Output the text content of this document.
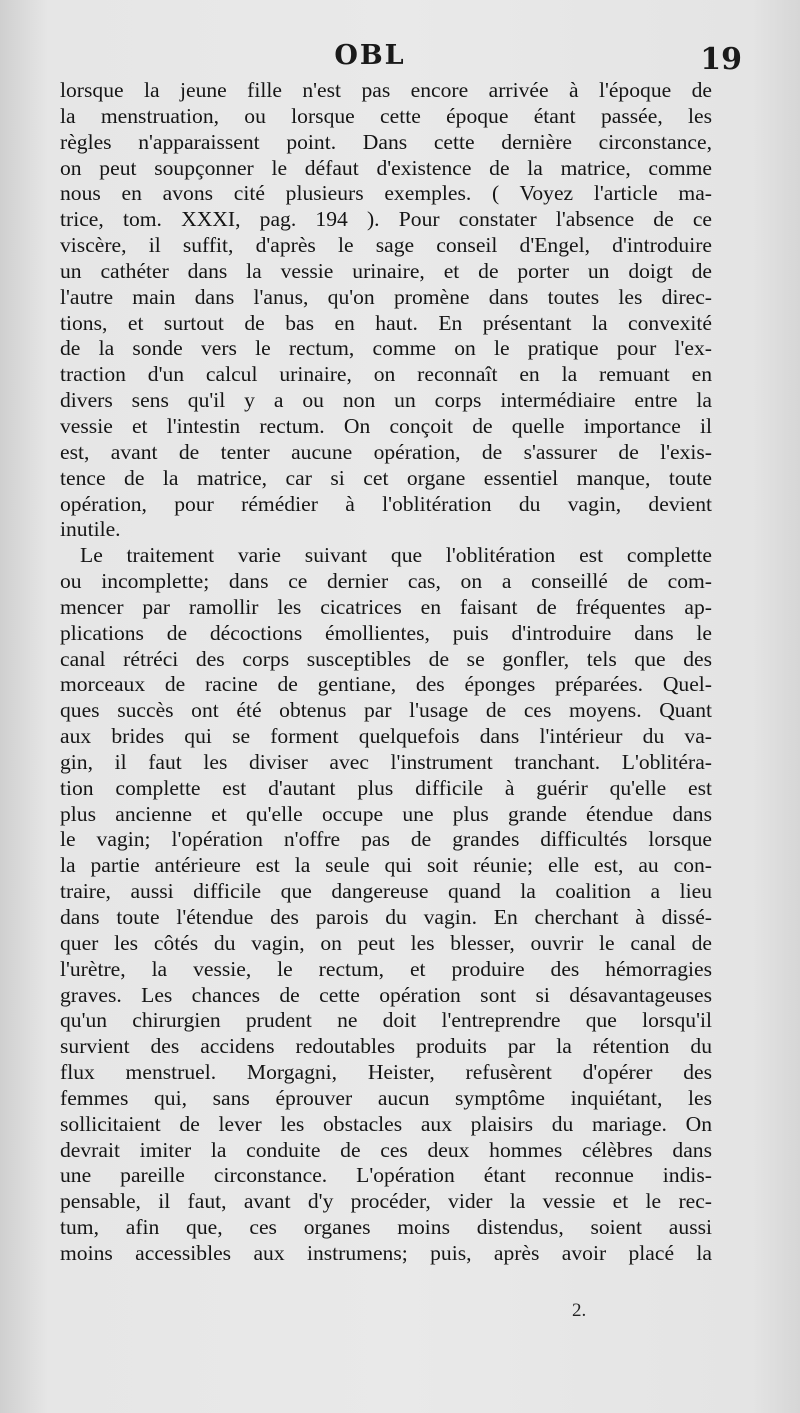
OBL	19
lorsque la jeune fille n'est pas encore arrivée à l'époque de
la menstruation, ou lorsque cette époque étant passée, les
règles n'apparaissent point. Dans cette dernière circonstance,
on peut soupçonner le défaut d'existence de la matrice, comme
nous en avons cité plusieurs exemples. ( Voyez l'article ma-
trice, tom. XXXI, pag. 194 ). Pour constater l'absence de ce
viscère, il suffit, d'après le sage conseil d'Engel, d'introduire
un cathéter dans la vessie urinaire, et de porter un doigt de
l'autre main dans l'anus, qu'on promène dans toutes les direc-
tions, et surtout de bas en haut. En présentant la convexité
de la sonde vers le rectum, comme on le pratique pour l'ex-
traction d'un calcul urinaire, on reconnaît en la remuant en
divers sens qu'il y a ou non un corps intermédiaire entre la
vessie et l'intestin rectum. On conçoit de quelle importance il
est, avant de tenter aucune opération, de s'assurer de l'exis-
tence de la matrice, car si cet organe essentiel manque, toute
opération, pour rémédier à l'oblitération du vagin, devient
inutile.
Le traitement varie suivant que l'oblitération est complette
ou incomplette; dans ce dernier cas, on a conseillé de com-
mencer par ramollir les cicatrices en faisant de fréquentes ap-
plications de décoctions émollientes, puis d'introduire dans le
canal rétréci des corps susceptibles de se gonfler, tels que des
morceaux de racine de gentiane, des éponges préparées. Quel-
ques succès ont été obtenus par l'usage de ces moyens. Quant
aux brides qui se forment quelquefois dans l'intérieur du va-
gin, il faut les diviser avec l'instrument tranchant. L'oblitéra-
tion complette est d'autant plus difficile à guérir qu'elle est
plus ancienne et qu'elle occupe une plus grande étendue dans
le vagin; l'opération n'offre pas de grandes difficultés lorsque
la partie antérieure est la seule qui soit réunie; elle est, au con-
traire, aussi difficile que dangereuse quand la coalition a lieu
dans toute l'étendue des parois du vagin. En cherchant à dissé-
quer les côtés du vagin, on peut les blesser, ouvrir le canal de
l'urètre, la vessie, le rectum, et produire des hémorragies
graves. Les chances de cette opération sont si désavantageuses
qu'un chirurgien prudent ne doit l'entreprendre que lorsqu'il
survient des accidens redoutables produits par la rétention du
flux menstruel. Morgagni, Heister, refusèrent d'opérer des
femmes qui, sans éprouver aucun symptôme inquiétant, les
sollicitaient de lever les obstacles aux plaisirs du mariage. On
devrait imiter la conduite de ces deux hommes célèbres dans
une pareille circonstance. L'opération étant reconnue indis-
pensable, il faut, avant d'y procéder, vider la vessie et le rec-
tum, afin que, ces organes moins distendus, soient aussi
moins accessibles aux instrumens; puis, après avoir placé la
2.
